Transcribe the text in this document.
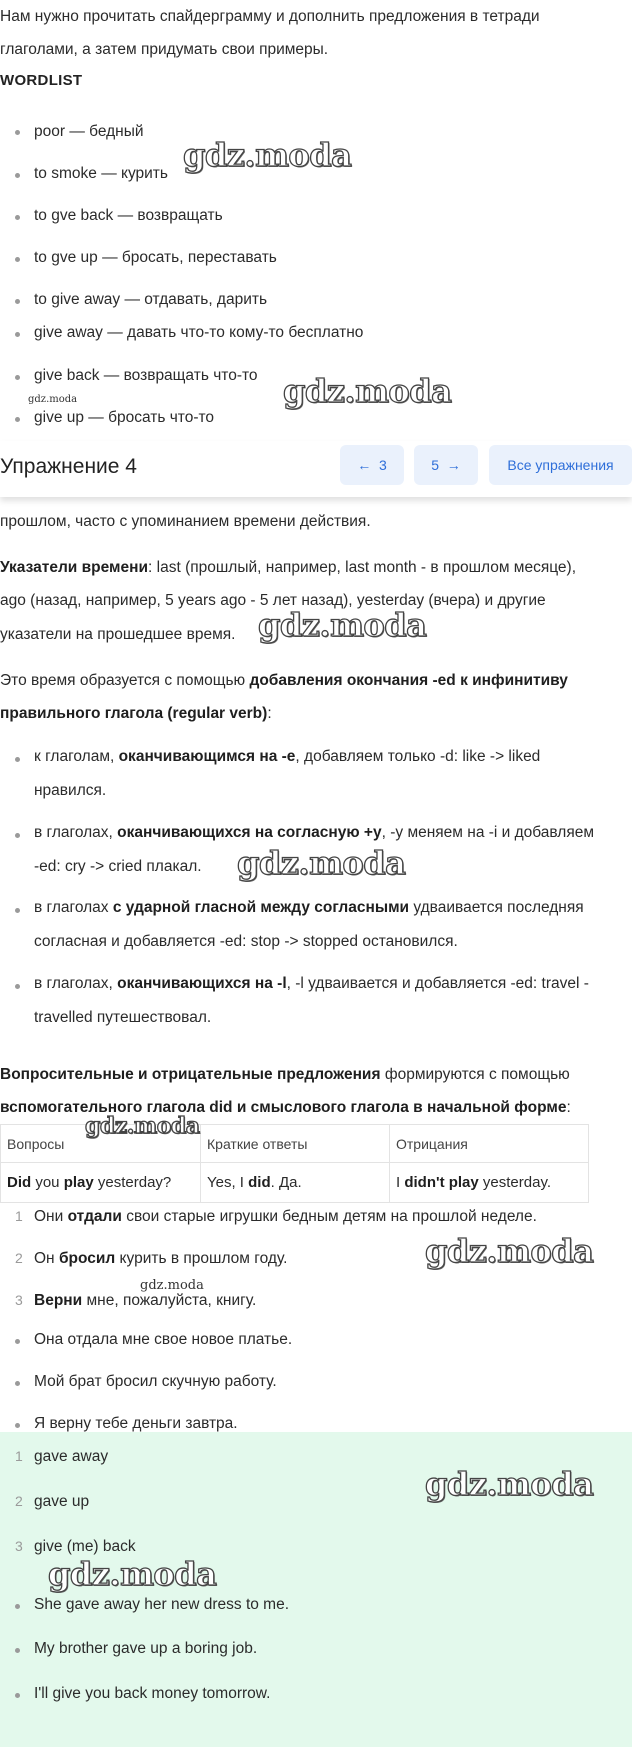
Нам нужно прочитать спайдерграмму и дополнить предложения в тетради
глаголами, а затем придумать свои примеры.
WORDLIST
poor — бедный
to smoke — курить
to gve back — возвращать
to gve up — бросать, переставать
to give away — отдавать, дарить
give away — давать что-то кому-то бесплатно
give back — возвращать что-то
give up — бросать что-то
Упражнение 4	← 3	5 →	Все упражнения
прошлом, часто с упоминанием времени действия.
Указатели времени: last (прошлый, например, last month - в прошлом месяце),
ago (назад, например, 5 years ago - 5 лет назад), yesterday (вчера) и другие
указатели на прошедшее время.
Это время образуется с помощью добавления окончания -ed к инфинитиву
правильного глагола (regular verb):
к глаголам, оканчивающимся на -e, добавляем только -d: like -> liked
нравился.
в глаголах, оканчивающихся на согласную +y, -y меняем на -i и добавляем
-ed: cry -> cried плакал.
в глаголах с ударной гласной между согласными удваивается последняя
согласная и добавляется -ed: stop -> stopped остановился.
в глаголах, оканчивающихся на -l, -l удваивается и добавляется -ed: travel -
travelled путешествовал.
Вопросительные и отрицательные предложения формируются с помощью
вспомогательного глагола did и смыслового глагола в начальной форме:
Вопросы	Краткие ответы	Отрицания
Did you play yesterday?	Yes, I did. Да.	I didn't play yesterday.
1 Они отдали свои старые игрушки бедным детям на прошлой неделе.
2 Он бросил курить в прошлом году.
3 Верни мне, пожалуйста, книгу.
Она отдала мне свое новое платье.
Мой брат бросил скучную работу.
Я верну тебе деньги завтра.
1 gave away
2 gave up
3 give (me) back
She gave away her new dress to me.
My brother gave up a boring job.
I'll give you back money tomorrow.
gdz.moda
gdz.moda
gdz.moda
gdz.moda
gdz.moda
gdz.moda
gdz.moda
gdz.moda
gdz.moda
gdz.moda
